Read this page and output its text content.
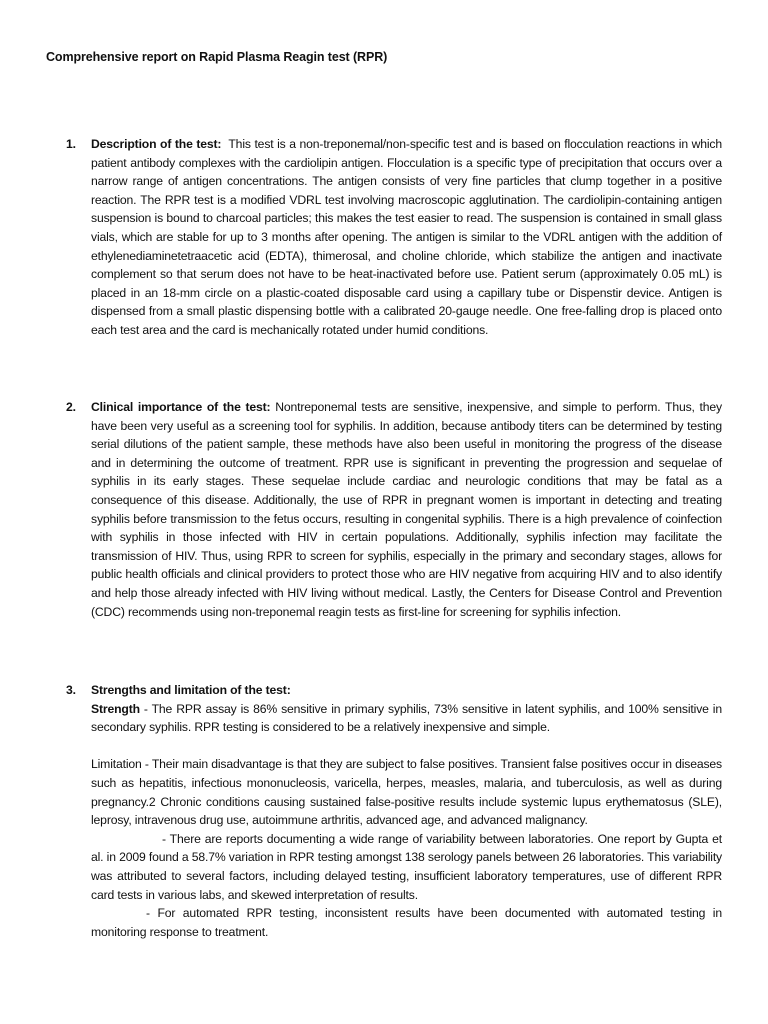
Comprehensive report on Rapid Plasma Reagin test (RPR)
1.	Description of the test: This test is a non-treponemal/non-specific test and is based on flocculation reactions in which patient antibody complexes with the cardiolipin antigen. Flocculation is a specific type of precipitation that occurs over a narrow range of antigen concentrations. The antigen consists of very fine particles that clump together in a positive reaction. The RPR test is a modified VDRL test involving macroscopic agglutination. The cardiolipin-containing antigen suspension is bound to charcoal particles; this makes the test easier to read. The suspension is contained in small glass vials, which are stable for up to 3 months after opening. The antigen is similar to the VDRL antigen with the addition of ethylenediaminetetraacetic acid (EDTA), thimerosal, and choline chloride, which stabilize the antigen and inactivate complement so that serum does not have to be heat-inactivated before use. Patient serum (approximately 0.05 mL) is placed in an 18-mm circle on a plastic-coated disposable card using a capillary tube or Dispenstir device. Antigen is dispensed from a small plastic dispensing bottle with a calibrated 20-gauge needle. One free-falling drop is placed onto each test area and the card is mechanically rotated under humid conditions.

2.	Clinical importance of the test: Nontreponemal tests are sensitive, inexpensive, and simple to perform. Thus, they have been very useful as a screening tool for syphilis. In addition, because antibody titers can be determined by testing serial dilutions of the patient sample, these methods have also been useful in monitoring the progress of the disease and in determining the outcome of treatment. RPR use is significant in preventing the progression and sequelae of syphilis in its early stages. These sequelae include cardiac and neurologic conditions that may be fatal as a consequence of this disease. Additionally, the use of RPR in pregnant women is important in detecting and treating syphilis before transmission to the fetus occurs, resulting in congenital syphilis. There is a high prevalence of coinfection with syphilis in those infected with HIV in certain populations. Additionally, syphilis infection may facilitate the transmission of HIV. Thus, using RPR to screen for syphilis, especially in the primary and secondary stages, allows for public health officials and clinical providers to protect those who are HIV negative from acquiring HIV and to also identify and help those already infected with HIV living without medical. Lastly, the Centers for Disease Control and Prevention (CDC) recommends using non-treponemal reagin tests as first-line for screening for syphilis infection.

3.	Strengths and limitation of the test:

Strength - The RPR assay is 86% sensitive in primary syphilis, 73% sensitive in latent syphilis, and 100% sensitive in secondary syphilis. RPR testing is considered to be a relatively inexpensive and simple.

Limitation - Their main disadvantage is that they are subject to false positives. Transient false positives occur in diseases such as hepatitis, infectious mononucleosis, varicella, herpes, measles, malaria, and tuberculosis, as well as during pregnancy.2 Chronic conditions causing sustained false-positive results include systemic lupus erythematosus (SLE), leprosy, intravenous drug use, autoimmune arthritis, advanced age, and advanced malignancy.

- There are reports documenting a wide range of variability between laboratories. One report by Gupta et al. in 2009 found a 58.7% variation in RPR testing amongst 138 serology panels between 26 laboratories. This variability was attributed to several factors, including delayed testing, insufficient laboratory temperatures, use of different RPR card tests in various labs, and skewed interpretation of results.

- For automated RPR testing, inconsistent results have been documented with automated testing in monitoring response to treatment.
